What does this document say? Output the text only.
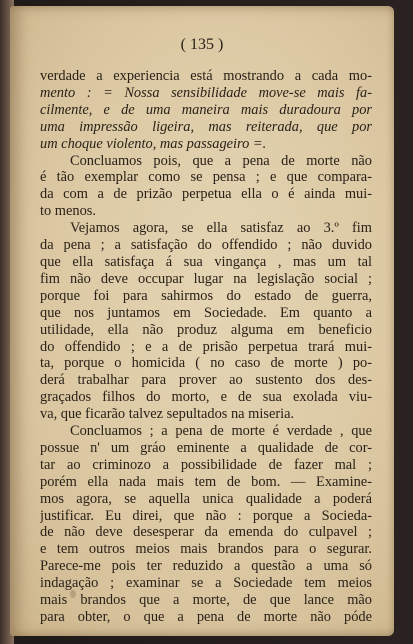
( 135 )
verdade a experiencia está mostrando a cada mo-
mento : = Nossa sensibilidade move-se mais fa-
cilmente, e de uma maneira mais duradoura por
uma impressão ligeira, mas reiterada, que por
um choque violento, mas passageiro =.
Concluamos pois, que a pena de morte não
é tão exemplar como se pensa ; e que compara-
da com a de prizão perpetua ella o é ainda mui-
to menos.
Vejamos agora, se ella satisfaz ao 3.º fim
da pena ; a satisfação do offendido ; não duvido
que ella satisfaça á sua vingança , mas um tal
fim não deve occupar lugar na legislação social ;
porque foi para sahirmos do estado de guerra,
que nos juntamos em Sociedade. Em quanto a
utilidade, ella não produz alguma em beneficio
do offendido ; e a de prisão perpetua trará mui-
ta, porque o homicida ( no caso de morte ) po-
derá trabalhar para prover ao sustento dos des-
graçados filhos do morto, e de sua exolada viu-
va, que ficarão talvez sepultados na miseria.
Concluamos ; a pena de morte é verdade , que
possue n' um gráo eminente a qualidade de cor-
tar ao criminozo a possibilidade de fazer mal ;
porém ella nada mais tem de bom. — Examine-
mos agora, se aquella unica qualidade a poderá
justificar. Eu direi, que não : porque a Socieda-
de não deve desesperar da emenda do culpavel ;
e tem outros meios mais brandos para o segurar.
Parece-me pois ter reduzido a questão a uma só
indagação ; examinar se a Sociedade tem meios
mais brandos que a morte, de que lance mão
para obter, o que a pena de morte não póde
